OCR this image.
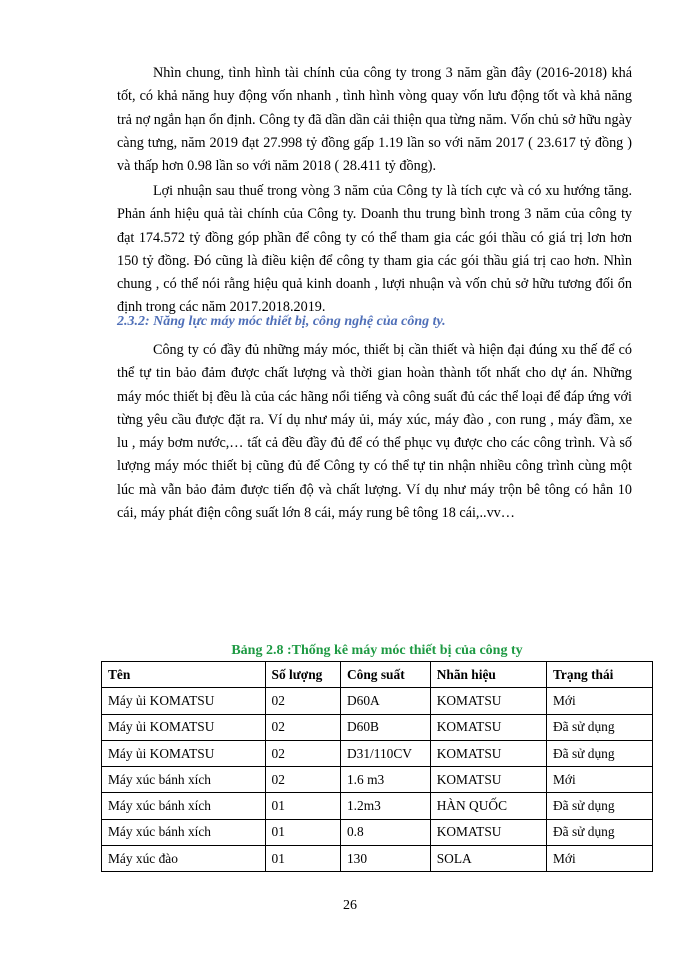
Nhìn chung, tình hình tài chính của công ty trong 3 năm gần đây (2016-2018) khá tốt, có khả năng huy động vốn nhanh , tình hình vòng quay vốn lưu động tốt và khả năng trả nợ ngắn hạn ổn định. Công ty đã dần dần cải thiện qua từng năm. Vốn chủ sở hữu ngày càng tưng, năm 2019 đạt 27.998 tỷ đồng gấp 1.19 lần so với năm 2017 ( 23.617 tỷ đồng ) và thấp hơn 0.98 lần so với năm 2018 ( 28.411 tỷ đồng).

Lợi nhuận sau thuế trong vòng 3 năm của Công ty là tích cực và có xu hướng tăng. Phản ánh hiệu quả tài chính của Công ty. Doanh thu trung bình trong 3 năm của công ty đạt 174.572 tỷ đồng góp phần để công ty có thể tham gia các gói thầu có giá trị lơn hơn 150 tỷ đồng. Đó cũng là điều kiện để công ty tham gia các gói thầu giá trị cao hơn. Nhìn chung , có thể nói rằng hiệu quả kinh doanh , lượi nhuận và vốn chủ sở hữu tương đối ổn định trong các năm 2017.2018.2019.

2.3.2: Năng lực máy móc thiết bị, công nghệ của công ty.

Công ty có đầy đủ những máy móc, thiết bị cần thiết và hiện đại đúng xu thế để có thể tự tin bảo đảm được chất lượng và thời gian hoàn thành tốt nhất cho dự án. Những máy móc thiết bị đều là của các hãng nổi tiếng và công suất đủ các thể loại để đáp ứng với từng yêu cầu được đặt ra. Ví dụ như máy ủi, máy xúc, máy đào , con rung , máy đầm, xe lu , máy bơm nước,… tất cả đều đầy đủ để có thể phục vụ được cho các công trình. Và số lượng máy móc thiết bị cũng đủ để Công ty có thể tự tin nhận nhiều công trình cùng một lúc mà vẫn bảo đảm được tiến độ và chất lượng. Ví dụ như máy trộn bê tông có hẳn 10 cái, máy phát điện công suất lớn 8 cái, máy rung bê tông 18 cái,..vv…

Bảng 2.8 :Thống kê máy móc thiết bị của công ty

Tên	Số lượng	Công suất	Nhãn hiệu	Trạng thái
Máy ủi KOMATSU	02	D60A	KOMATSU	Mới
Máy ủi KOMATSU	02	D60B	KOMATSU	Đã sử dụng
Máy ủi KOMATSU	02	D31/110CV	KOMATSU	Đã sử dụng
Máy xúc bánh xích	02	1.6 m3	KOMATSU	Mới
Máy xúc bánh xích	01	1.2m3	HÀN QUỐC	Đã sử dụng
Máy xúc bánh xích	01	0.8	KOMATSU	Đã sử dụng
Máy xúc đào	01	130	SOLA	Mới

26
